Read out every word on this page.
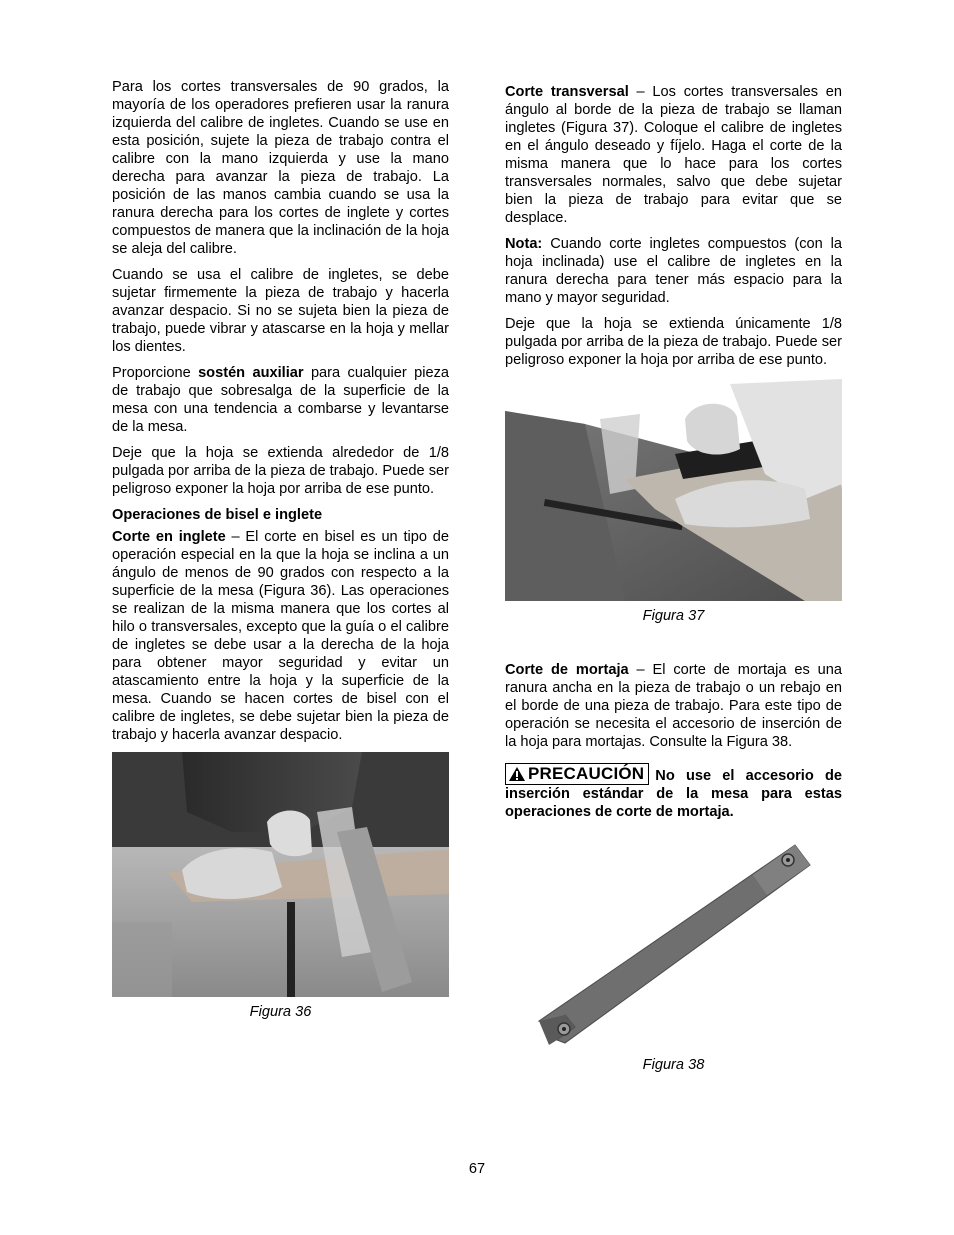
Para los cortes transversales de 90 grados, la mayoría de los operadores prefieren usar la ranura izquierda del calibre de ingletes. Cuando se use en esta posición, sujete la pieza de trabajo contra el calibre con la mano izquierda y use la mano derecha para avanzar la pieza de trabajo. La posición de las manos cambia cuando se usa la ranura derecha para los cortes de inglete y cortes compuestos de manera que la inclinación de la hoja se aleja del calibre.

Cuando se usa el calibre de ingletes, se debe sujetar firmemente la pieza de trabajo y hacerla avanzar despacio. Si no se sujeta bien la pieza de trabajo, puede vibrar y atascarse en la hoja y mellar los dientes.

Proporcione sostén auxiliar para cualquier pieza de trabajo que sobresalga de la superficie de la mesa con una tendencia a combarse y levantarse de la mesa.

Deje que la hoja se extienda alrededor de 1/8 pulgada por arriba de la pieza de trabajo. Puede ser peligroso exponer la hoja por arriba de ese punto.

Operaciones de bisel e inglete

Corte en inglete – El corte en bisel es un tipo de operación especial en la que la hoja se inclina a un ángulo de menos de 90 grados con respecto a la superficie de la mesa (Figura 36). Las operaciones se realizan de la misma manera que los cortes al hilo o transversales, excepto que la guía o el calibre de ingletes se debe usar a la derecha de la hoja para obtener mayor seguridad y evitar un atascamiento entre la hoja y la superficie de la mesa. Cuando se hacen cortes de bisel con el calibre de ingletes, se debe sujetar bien la pieza de trabajo y hacerla avanzar despacio.

Figura 36

Corte transversal – Los cortes transversales en ángulo al borde de la pieza de trabajo se llaman ingletes (Figura 37). Coloque el calibre de ingletes en el ángulo deseado y fíjelo. Haga el corte de la misma manera que lo hace para los cortes transversales normales, salvo que debe sujetar bien la pieza de trabajo para evitar que se desplace.

Nota: Cuando corte ingletes compuestos (con la hoja inclinada) use el calibre de ingletes en la ranura derecha para tener más espacio para la mano y mayor seguridad.

Deje que la hoja se extienda únicamente 1/8 pulgada por arriba de la pieza de trabajo. Puede ser peligroso exponer la hoja por arriba de ese punto.

Figura 37

Corte de mortaja – El corte de mortaja es una ranura ancha en la pieza de trabajo o un rebajo en el borde de una pieza de trabajo. Para este tipo de operación se necesita el accesorio de inserción de la hoja para mortajas. Consulte la Figura 38.

PRECAUCIÓN No use el accesorio de inserción estándar de la mesa para estas operaciones de corte de mortaja.

Figura 38
67
